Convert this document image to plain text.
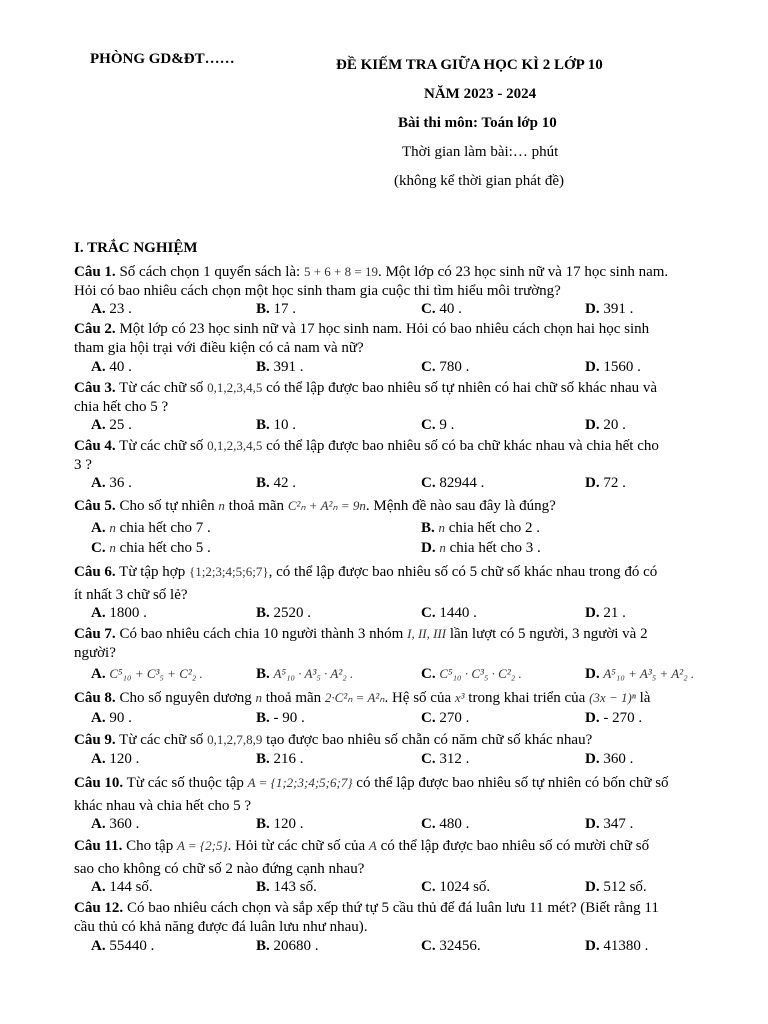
PHÒNG GD&ĐT……	ĐỀ KIẾM TRA GIỮA HỌC KÌ 2 LỚP 10
NĂM 2023 - 2024
Bài thi môn: Toán lớp 10
Thời gian làm bài:… phút
(không kể thời gian phát đề)
I. TRẮC NGHIỆM
Câu 1. Số cách chọn 1 quyển sách là: 5 + 6 + 8 = 19. Một lớp có 23 học sinh nữ và 17 học sinh nam.
Hỏi có bao nhiêu cách chọn một học sinh tham gia cuộc thi tìm hiểu môi trường?
A. 23 .	B. 17 .	C. 40 .	D. 391 .
Câu 2. Một lớp có 23 học sinh nữ và 17 học sinh nam. Hỏi có bao nhiêu cách chọn hai học sinh
tham gia hội trại với điều kiện có cả nam và nữ?
A. 40 .	B. 391 .	C. 780 .	D. 1560 .
Câu 3. Từ các chữ số 0,1,2,3,4,5 có thể lập được bao nhiêu số tự nhiên có hai chữ số khác nhau và
chia hết cho 5 ?
A. 25 .	B. 10 .	C. 9 .	D. 20 .
Câu 4. Từ các chữ số 0,1,2,3,4,5 có thể lập được bao nhiêu số có ba chữ khác nhau và chia hết cho
3 ?
A. 36 .	B. 42 .	C. 82944 .	D. 72 .
Câu 5. Cho số tự nhiên n thoả mãn C²ₙ + A²ₙ = 9n. Mệnh đề nào sau đây là đúng?
A. n chia hết cho 7 .	B. n chia hết cho 2 .
C. n chia hết cho 5 .	D. n chia hết cho 3 .
Câu 6. Từ tập hợp {1;2;3;4;5;6;7}, có thể lập được bao nhiêu số có 5 chữ số khác nhau trong đó có
ít nhất 3 chữ số lẻ?
A. 1800 .	B. 2520 .	C. 1440 .	D. 21 .
Câu 7. Có bao nhiêu cách chia 10 người thành 3 nhóm I, II, III lần lượt có 5 người, 3 người và 2
người?
A. C⁵₁₀ + C³₅ + C²₂ .	B. A⁵₁₀ · A³₅ · A²₂ .	C. C⁵₁₀ · C³₅ · C²₂ .	D. A⁵₁₀ + A³₅ + A²₂ .
Câu 8. Cho số nguyên dương n thoả mãn 2·C²ₙ = A²ₙ. Hệ số của x³ trong khai triển của (3x − 1)ⁿ là
A. 90 .	B. - 90 .	C. 270 .	D. - 270 .
Câu 9. Từ các chữ số 0,1,2,7,8,9 tạo được bao nhiêu số chẵn có năm chữ số khác nhau?
A. 120 .	B. 216 .	C. 312 .	D. 360 .
Câu 10. Từ các số thuộc tập A = {1;2;3;4;5;6;7} có thể lập được bao nhiêu số tự nhiên có bốn chữ số
khác nhau và chia hết cho 5 ?
A. 360 .	B. 120 .	C. 480 .	D. 347 .
Câu 11. Cho tập A = {2;5}. Hỏi từ các chữ số của A có thể lập được bao nhiêu số có mười chữ số
sao cho không có chữ số 2 nào đứng cạnh nhau?
A. 144 số.	B. 143 số.	C. 1024 số.	D. 512 số.
Câu 12. Có bao nhiêu cách chọn và sắp xếp thứ tự 5 cầu thủ để đá luân lưu 11 mét? (Biết rằng 11
cầu thủ có khả năng được đá luân lưu như nhau).
A. 55440 .	B. 20680 .	C. 32456.	D. 41380 .
